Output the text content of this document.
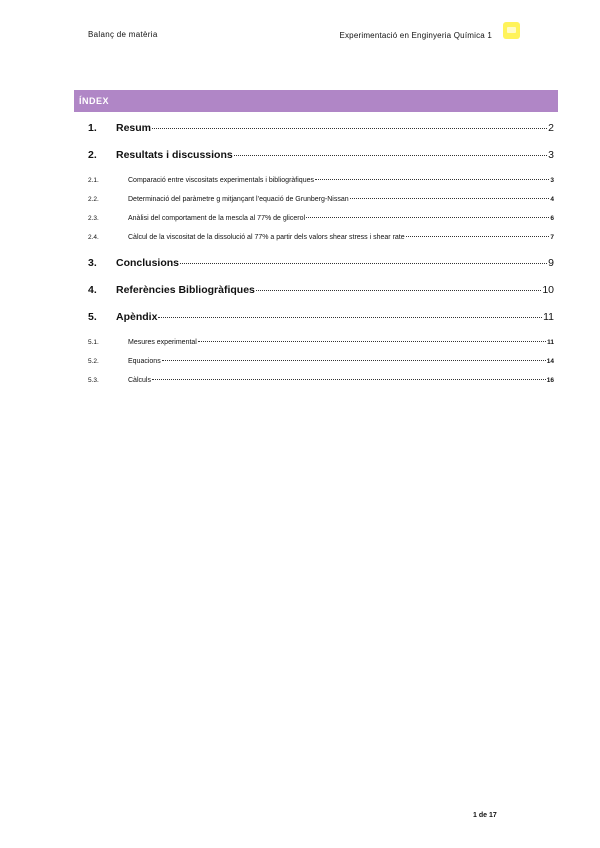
Balanç de matèria	Experimentació en Enginyeria Química 1
ÍNDEX
1.	Resum	2
2.	Resultats i discussions	3
2.1.	Comparació entre viscositats experimentals i bibliogràfiques	3
2.2.	Determinació del paràmetre g mitjançant l’equació de Grunberg-Nissan	4
2.3.	Anàlisi del comportament de la mescla al 77% de glicerol	6
2.4.	Càlcul de la viscositat de la dissolució al 77% a partir dels valors shear stress i shear rate	7
3.	Conclusions	9
4.	Referències Bibliogràfiques	10
5.	Apèndix	11
5.1.	Mesures experimental	11
5.2.	Equacions	14
5.3.	Càlculs	16
1 de 17
